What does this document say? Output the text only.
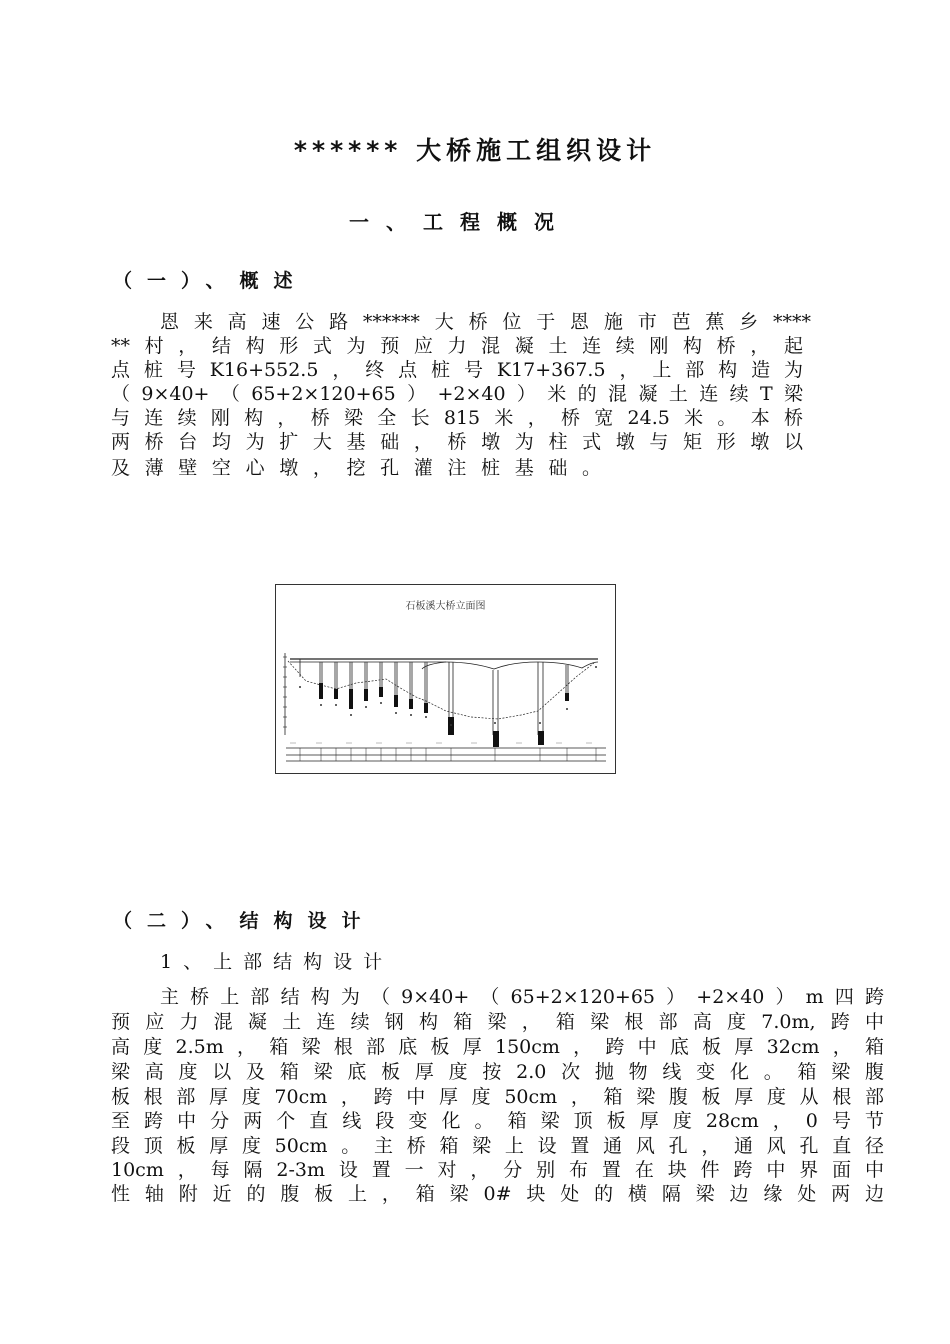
****** 大桥施工组织设计
一、工程概况
（一）、概述

恩来高速公路******大桥位于恩施市芭蕉乡****

**村，结构形式为预应力混凝土连续刚构桥，起

点桩号K16+552.5，终点桩号K17+367.5，上部构造为

（9×40+（65+2×120+65）+2×40）米的混凝土连续T梁

与连续刚构，桥梁全长815米，桥宽24.5米。本桥

两桥台均为扩大基础，桥墩为柱式墩与矩形墩以

及薄壁空心墩，挖孔灌注桩基础。

石板溪大桥立面图
（二）、结构设计
1、上部结构设计

主桥上部结构为（9×40+（65+2×120+65）+2×40）m四跨

预应力混凝土连续钢构箱梁，箱梁根部高度7.0m,跨中

高度2.5m，箱梁根部底板厚150cm，跨中底板厚32cm，箱

梁高度以及箱梁底板厚度按2.0次抛物线变化。箱梁腹

板根部厚度70cm，跨中厚度50cm，箱梁腹板厚度从根部

至跨中分两个直线段变化。箱梁顶板厚度28cm，0号节

段顶板厚度50cm。主桥箱梁上设置通风孔，通风孔直径

10cm，每隔2-3m设置一对，分别布置在块件跨中界面中

性轴附近的腹板上，箱梁0#块处的横隔梁边缘处两边
